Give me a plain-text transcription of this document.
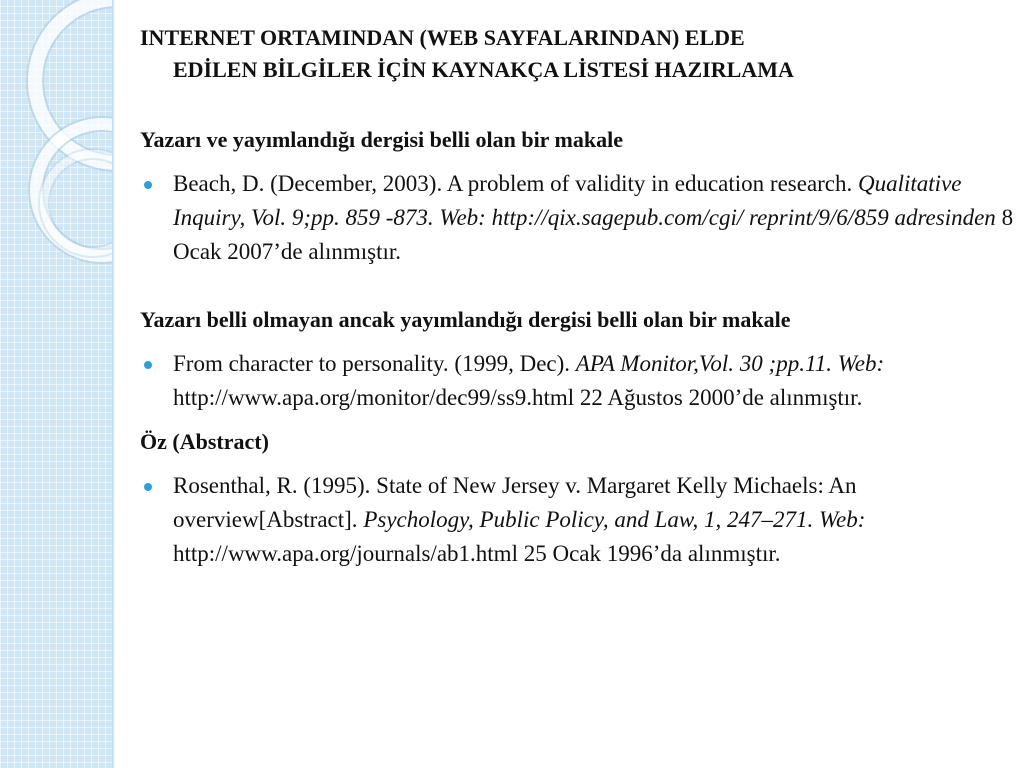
INTERNET ORTAMINDAN (WEB SAYFALARINDAN) ELDE
EDİLEN BİLGİLER İÇİN KAYNAKÇA LİSTESİ HAZIRLAMA
Yazarı ve yayımlandığı dergisi belli olan bir makale
Beach, D. (December, 2003). A problem of validity in education research. Qualitative Inquiry, Vol. 9;pp. 859 -873. Web: http://qix.sagepub.com/cgi/ reprint/9/6/859 adresinden 8 Ocak 2007’de alınmıştır.
Yazarı belli olmayan ancak yayımlandığı dergisi belli olan bir makale
From character to personality. (1999, Dec). APA Monitor,Vol. 30 ;pp.11. Web: http://www.apa.org/monitor/dec99/ss9.html 22 Ağustos 2000’de alınmıştır.
Öz (Abstract)
Rosenthal, R. (1995). State of New Jersey v. Margaret Kelly Michaels: An overview[Abstract]. Psychology, Public Policy, and Law, 1, 247–271. Web: http://www.apa.org/journals/ab1.html 25 Ocak 1996’da alınmıştır.
